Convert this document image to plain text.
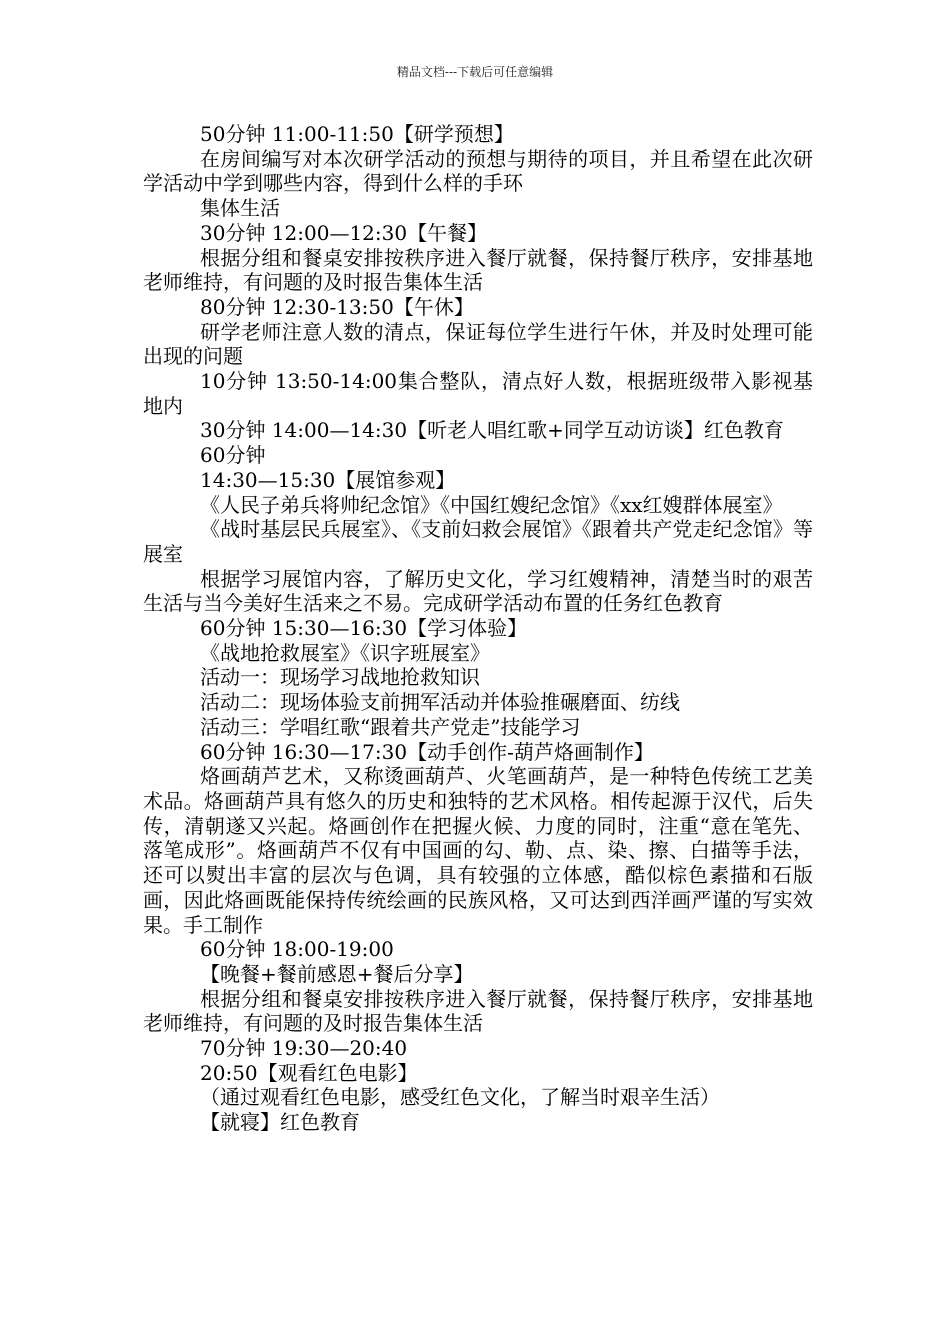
精品文档---下载后可任意编辑

50分钟 11:00-11:50【研学预想】

在房间编写对本次研学活动的预想与期待的项目，并且希望在此次研学活动中学到哪些内容，得到什么样的手环

集体生活

30分钟 12:00—12:30【午餐】

根据分组和餐桌安排按秩序进入餐厅就餐，保持餐厅秩序，安排基地老师维持，有问题的及时报告集体生活

80分钟 12:30-13:50【午休】

研学老师注意人数的清点，保证每位学生进行午休，并及时处理可能出现的问题

10分钟 13:50-14:00集合整队，清点好人数，根据班级带入影视基地内

30分钟 14:00—14:30【听老人唱红歌+同学互动访谈】红色教育

60分钟

14:30—15:30【展馆参观】

《人民子弟兵将帅纪念馆》《中国红嫂纪念馆》《xx红嫂群体展室》

《战时基层民兵展室》、《支前妇救会展馆》《跟着共产党走纪念馆》等展室

根据学习展馆内容，了解历史文化，学习红嫂精神，清楚当时的艰苦生活与当今美好生活来之不易。完成研学活动布置的任务红色教育

60分钟 15:30—16:30【学习体验】

《战地抢救展室》《识字班展室》

活动一：现场学习战地抢救知识

活动二：现场体验支前拥军活动并体验推碾磨面、纺线

活动三：学唱红歌“跟着共产党走”技能学习

60分钟 16:30—17:30【动手创作-葫芦烙画制作】

烙画葫芦艺术，又称烫画葫芦、火笔画葫芦，是一种特色传统工艺美术品。烙画葫芦具有悠久的历史和独特的艺术风格。相传起源于汉代，后失传，清朝遂又兴起。烙画创作在把握火候、力度的同时，注重“意在笔先、落笔成形”。烙画葫芦不仅有中国画的勾、勒、点、染、擦、白描等手法，还可以熨出丰富的层次与色调，具有较强的立体感，酷似棕色素描和石版画，因此烙画既能保持传统绘画的民族风格，又可达到西洋画严谨的写实效果。手工制作

60分钟 18:00-19:00

【晚餐+餐前感恩+餐后分享】

根据分组和餐桌安排按秩序进入餐厅就餐，保持餐厅秩序，安排基地老师维持，有问题的及时报告集体生活

70分钟 19:30—20:40

20:50【观看红色电影】

（通过观看红色电影，感受红色文化，了解当时艰辛生活）

【就寝】红色教育
